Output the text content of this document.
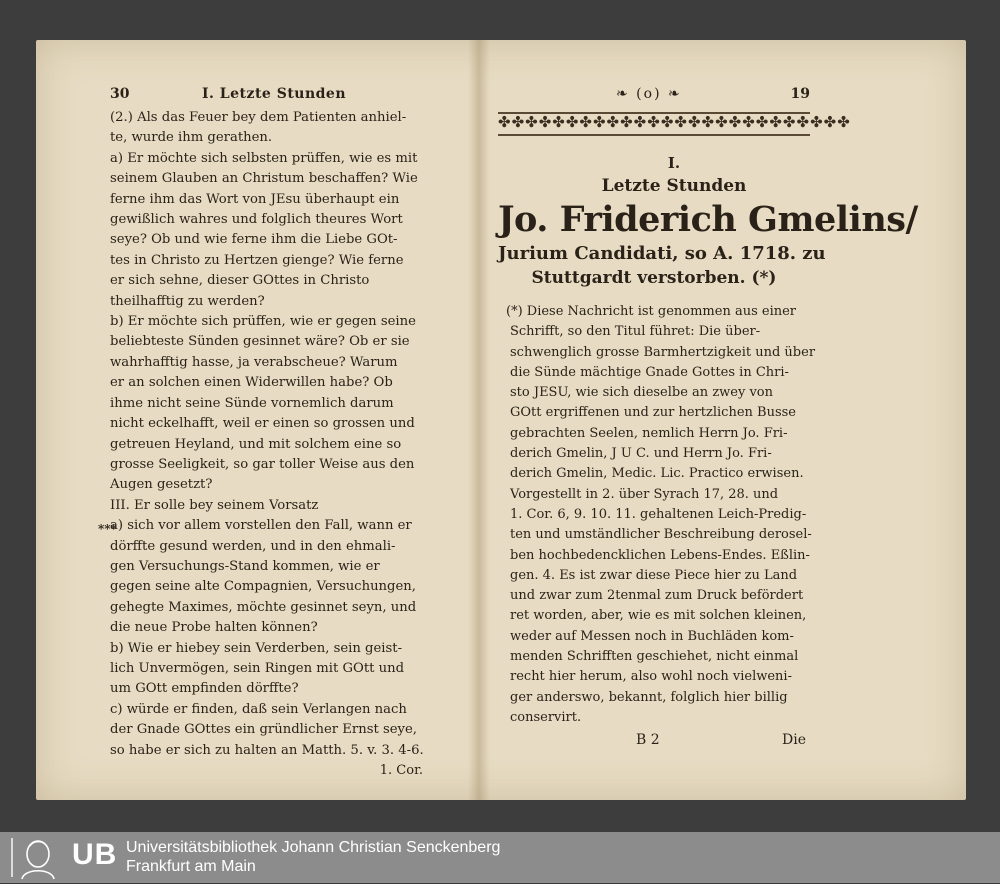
30	I. Letzte Stunden
(2.) Als das Feuer bey dem Patienten anhiel-
te, wurde ihm gerathen.
a) Er möchte sich selbsten prüffen, wie es mit
seinem Glauben an Christum beschaffen? Wie
ferne ihm das Wort von JEsu überhaupt ein
gewißlich wahres und folglich theures Wort
seye? Ob und wie ferne ihm die Liebe GOt-
tes in Christo zu Hertzen gienge? Wie ferne
er sich sehne, dieser GOttes in Christo
theilhafftig zu werden?
b) Er möchte sich prüffen, wie er gegen seine
beliebteste Sünden gesinnet wäre? Ob er sie
wahrhafftig hasse, ja verabscheue? Warum
er an solchen einen Widerwillen habe? Ob
ihme nicht seine Sünde vornemlich darum
nicht eckelhafft, weil er einen so grossen und
getreuen Heyland, und mit solchem eine so
grosse Seeligkeit, so gar toller Weise aus den
Augen gesetzt?
III. Er solle bey seinem Vorsatz
a) sich vor allem vorstellen den Fall, wann er
dörffte gesund werden, und in den ehmali-
gen Versuchungs-Stand kommen, wie er
gegen seine alte Compagnien, Versuchungen,
gehegte Maximes, möchte gesinnet seyn, und
die neue Probe halten können?
b) Wie er hiebey sein Verderben, sein geist-
lich Unvermögen, sein Ringen mit GOtt und
um GOtt empfinden dörffte?
c) würde er finden, daß sein Verlangen nach
der Gnade GOttes ein gründlicher Ernst seye,
so habe er sich zu halten an Matth. 5. v. 3. 4-6.
***
1. Cor.
❧ (o) ❧	19
✤✤✤✤✤✤✤✤✤✤✤✤✤✤✤✤✤✤✤✤✤✤✤✤✤✤
I.
Letzte Stunden
Jo. Friderich Gmelins/
Jurium Candidati, so A. 1718. zu
Stuttgardt verstorben. (*)
(*) Diese Nachricht ist genommen aus einer
Schrifft, so den Titul führet: Die über-
schwenglich grosse Barmhertzigkeit und über
die Sünde mächtige Gnade Gottes in Chri-
sto JESU, wie sich dieselbe an zwey von
GOtt ergriffenen und zur hertzlichen Busse
gebrachten Seelen, nemlich Herrn Jo. Fri-
derich Gmelin, J U C. und Herrn Jo. Fri-
derich Gmelin, Medic. Lic. Practico erwisen.
Vorgestellt in 2. über Syrach 17, 28. und
1. Cor. 6, 9. 10. 11. gehaltenen Leich-Predig-
ten und umständlicher Beschreibung derosel-
ben hochbedencklichen Lebens-Endes. Eßlin-
gen. 4. Es ist zwar diese Piece hier zu Land
und zwar zum 2tenmal zum Druck befördert
ret worden, aber, wie es mit solchen kleinen,
weder auf Messen noch in Buchläden kom-
menden Schrifften geschiehet, nicht einmal
recht hier herum, also wohl noch vielweni-
ger anderswo, bekannt, folglich hier billig
conservirt.
B 2	Die
UB Universitätsbibliothek Johann Christian Senckenberg
Frankfurt am Main
